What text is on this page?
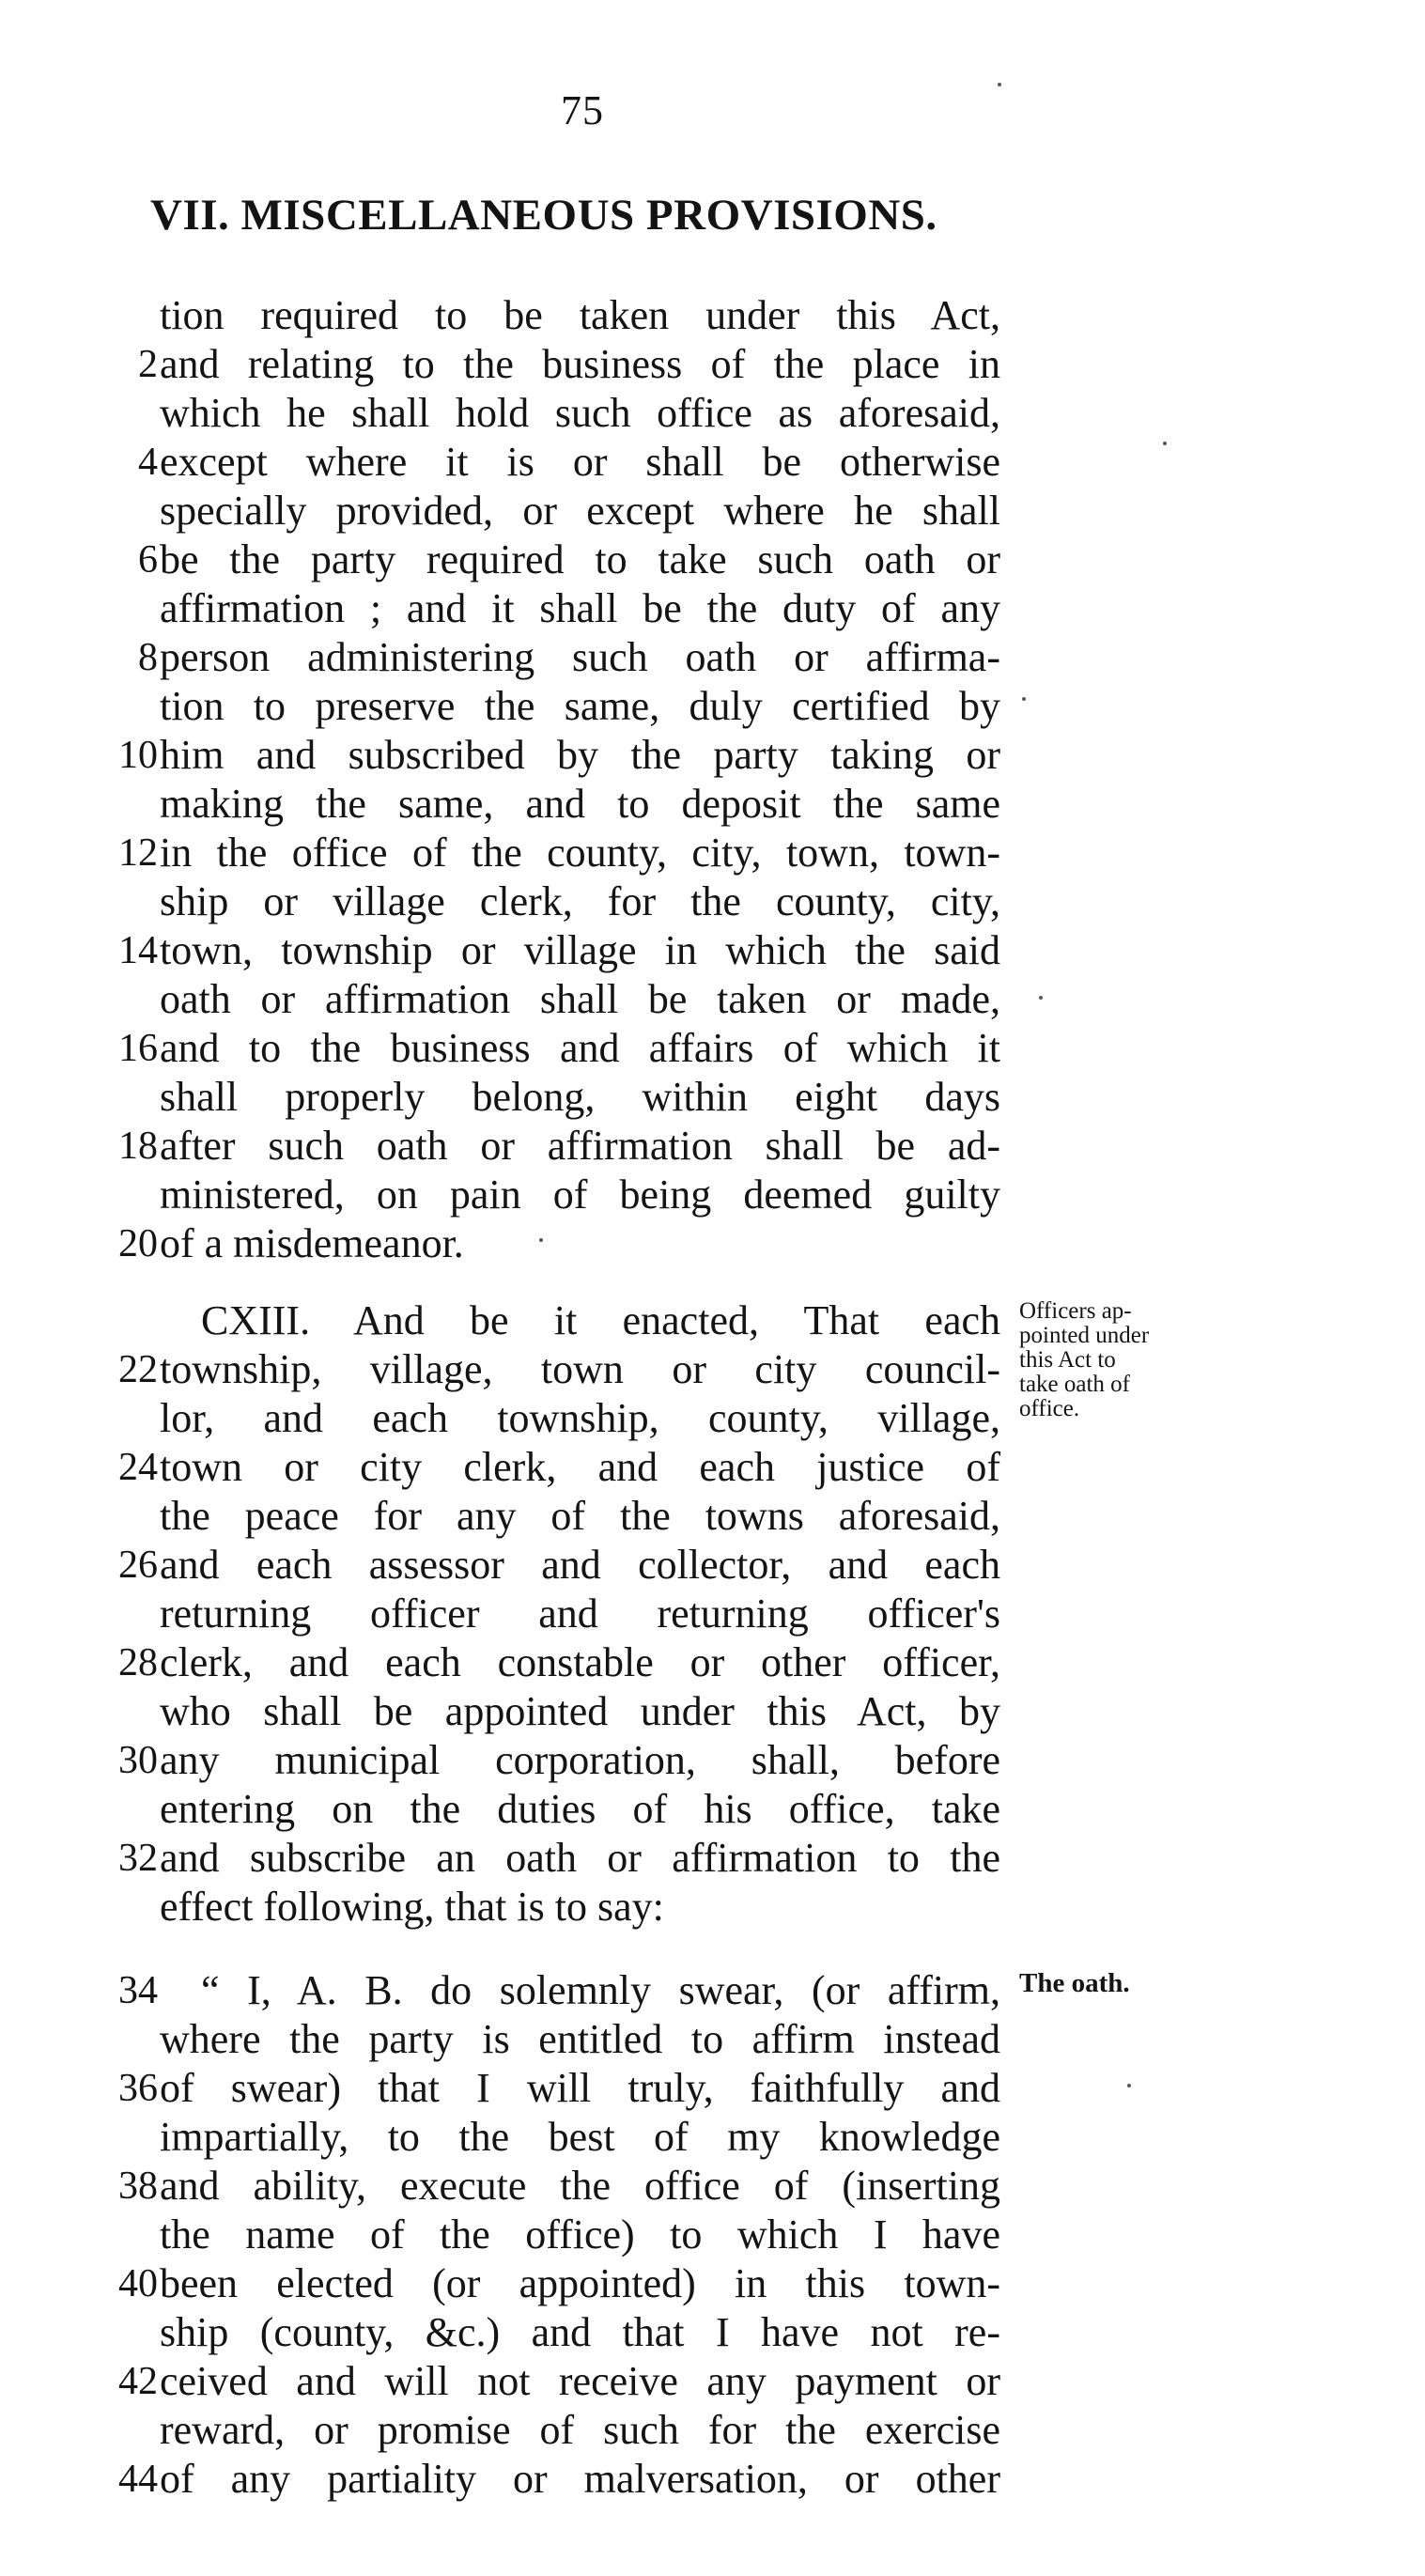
75
VII. MISCELLANEOUS PROVISIONS.
tion required to be taken under this Act,
2 and relating to the business of the place in
which he shall hold such office as aforesaid,
4 except where it is or shall be otherwise
specially provided, or except where he shall
6 be the party required to take such oath or
affirmation ; and it shall be the duty of any
8 person administering such oath or affirma-
tion to preserve the same, duly certified by
10 him and subscribed by the party taking or
making the same, and to deposit the same
12 in the office of the county, city, town, town-
ship or village clerk, for the county, city,
14 town, township or village in which the said
oath or affirmation shall be taken or made,
16 and to the business and affairs of which it
shall properly belong, within eight days
18 after such oath or affirmation shall be ad-
ministered, on pain of being deemed guilty
20 of a misdemeanor.
CXIII. And be it enacted, That each
22 township, village, town or city council-
lor, and each township, county, village,
24 town or city clerk, and each justice of
the peace for any of the towns aforesaid,
26 and each assessor and collector, and each
returning officer and returning officer's
28 clerk, and each constable or other officer,
who shall be appointed under this Act, by
30 any municipal corporation, shall, before
entering on the duties of his office, take
32 and subscribe an oath or affirmation to the
effect following, that is to say:
34 “ I, A. B. do solemnly swear, (or affirm,
where the party is entitled to affirm instead
36 of swear) that I will truly, faithfully and
impartially, to the best of my knowledge
38 and ability, execute the office of (inserting
the name of the office) to which I have
40 been elected (or appointed) in this town-
ship (county, &c.) and that I have not re-
42 ceived and will not receive any payment or
reward, or promise of such for the exercise
44 of any partiality or malversation, or other
Officers ap-
pointed under
this Act to
take oath of
office.
The oath.
